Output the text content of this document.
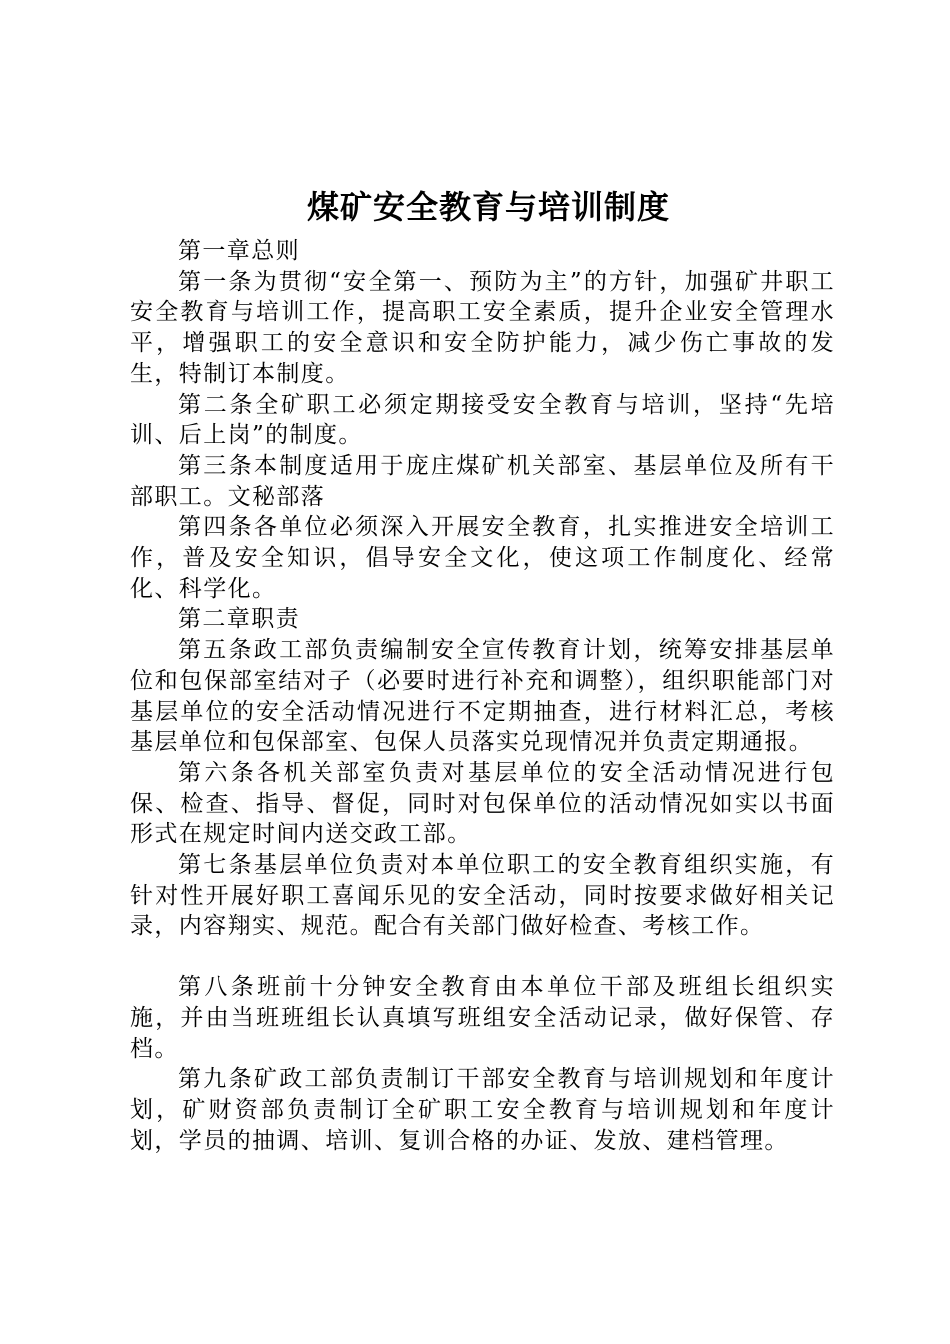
煤矿安全教育与培训制度

第一章总则

第一条为贯彻“安全第一、预防为主”的方针，加强矿井职工安全教育与培训工作，提高职工安全素质，提升企业安全管理水平，增强职工的安全意识和安全防护能力，减少伤亡事故的发生，特制订本制度。

第二条全矿职工必须定期接受安全教育与培训，坚持“先培训、后上岗”的制度。

第三条本制度适用于庞庄煤矿机关部室、基层单位及所有干部职工。文秘部落

第四条各单位必须深入开展安全教育，扎实推进安全培训工作，普及安全知识，倡导安全文化，使这项工作制度化、经常化、科学化。

第二章职责

第五条政工部负责编制安全宣传教育计划，统筹安排基层单位和包保部室结对子（必要时进行补充和调整），组织职能部门对基层单位的安全活动情况进行不定期抽查，进行材料汇总，考核基层单位和包保部室、包保人员落实兑现情况并负责定期通报。

第六条各机关部室负责对基层单位的安全活动情况进行包保、检查、指导、督促，同时对包保单位的活动情况如实以书面形式在规定时间内送交政工部。

第七条基层单位负责对本单位职工的安全教育组织实施，有针对性开展好职工喜闻乐见的安全活动，同时按要求做好相关记录，内容翔实、规范。配合有关部门做好检查、考核工作。

第八条班前十分钟安全教育由本单位干部及班组长组织实施，并由当班班组长认真填写班组安全活动记录，做好保管、存档。

第九条矿政工部负责制订干部安全教育与培训规划和年度计划，矿财资部负责制订全矿职工安全教育与培训规划和年度计划，学员的抽调、培训、复训合格的办证、发放、建档管理。
